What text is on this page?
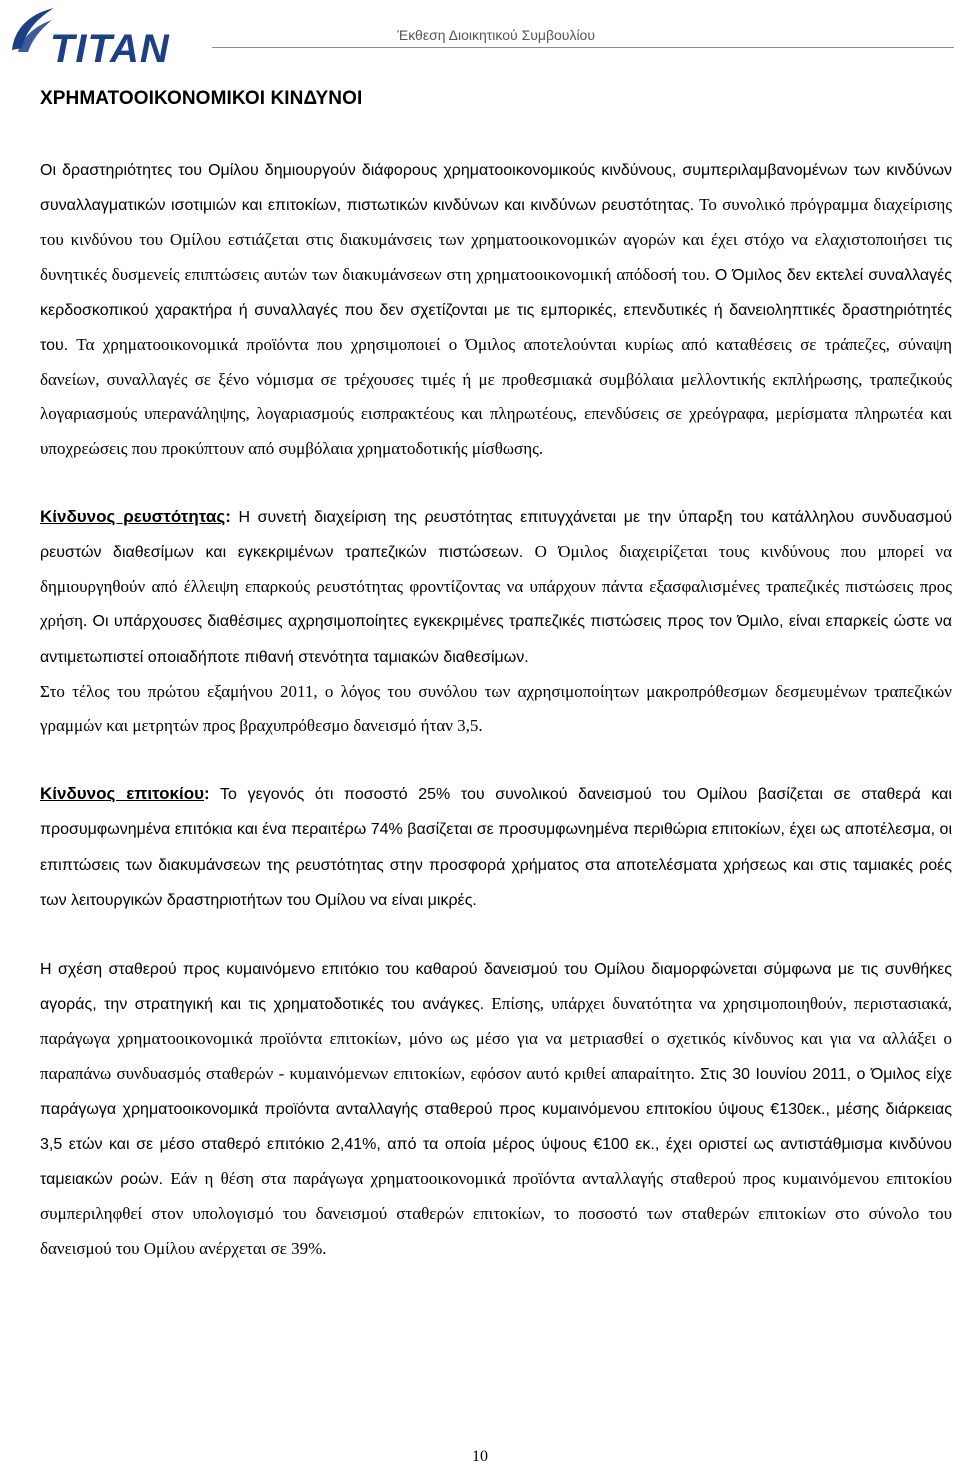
TITAN	Έκθεση Διοικητικού Συμβουλίου
ΧΡΗΜΑΤΟΟΙΚΟΝΟΜΙΚΟΙ ΚΙΝΔΥΝΟΙ

Οι δραστηριότητες του Ομίλου δημιουργούν διάφορους χρηματοοικονομικούς κινδύνους, συμπεριλαμβανομένων των κινδύνων συναλλαγματικών ισοτιμιών και επιτοκίων, πιστωτικών κινδύνων και κινδύνων ρευστότητας. Το συνολικό πρόγραμμα διαχείρισης του κινδύνου του Ομίλου εστιάζεται στις διακυμάνσεις των χρηματοοικονομικών αγορών και έχει στόχο να ελαχιστοποιήσει τις δυνητικές δυσμενείς επιπτώσεις αυτών των διακυμάνσεων στη χρηματοοικονομική απόδοσή του. Ο Όμιλος δεν εκτελεί συναλλαγές κερδοσκοπικού χαρακτήρα ή συναλλαγές που δεν σχετίζονται με τις εμπορικές, επενδυτικές ή δανειοληπτικές δραστηριότητές του. Τα χρηματοοικονομικά προϊόντα που χρησιμοποιεί ο Όμιλος αποτελούνται κυρίως από καταθέσεις σε τράπεζες, σύναψη δανείων, συναλλαγές σε ξένο νόμισμα σε τρέχουσες τιμές ή με προθεσμιακά συμβόλαια μελλοντικής εκπλήρωσης, τραπεζικούς λογαριασμούς υπερανάληψης, λογαριασμούς εισπρακτέους και πληρωτέους, επενδύσεις σε χρεόγραφα, μερίσματα πληρωτέα και υποχρεώσεις που προκύπτουν από συμβόλαια χρηματοδοτικής μίσθωσης.

Κίνδυνος ρευστότητας: Η συνετή διαχείριση της ρευστότητας επιτυγχάνεται με την ύπαρξη του κατάλληλου συνδυασμού ρευστών διαθεσίμων και εγκεκριμένων τραπεζικών πιστώσεων. Ο Όμιλος διαχειρίζεται τους κινδύνους που μπορεί να δημιουργηθούν από έλλειψη επαρκούς ρευστότητας φροντίζοντας να υπάρχουν πάντα εξασφαλισμένες τραπεζικές πιστώσεις προς χρήση. Οι υπάρχουσες διαθέσιμες αχρησιμοποίητες εγκεκριμένες τραπεζικές πιστώσεις προς τον Όμιλο, είναι επαρκείς ώστε να αντιμετωπιστεί οποιαδήποτε πιθανή στενότητα ταμιακών διαθεσίμων.

Στο τέλος του πρώτου εξαμήνου 2011, ο λόγος του συνόλου των αχρησιμοποίητων μακροπρόθεσμων δεσμευμένων τραπεζικών γραμμών και μετρητών προς βραχυπρόθεσμο δανεισμό ήταν 3,5.

Κίνδυνος επιτοκίου: Το γεγονός ότι ποσοστό 25% του συνολικού δανεισμού του Ομίλου βασίζεται σε σταθερά και προσυμφωνημένα επιτόκια και ένα περαιτέρω 74% βασίζεται σε προσυμφωνημένα περιθώρια επιτοκίων, έχει ως αποτέλεσμα, οι επιπτώσεις των διακυμάνσεων της ρευστότητας στην προσφορά χρήματος στα αποτελέσματα χρήσεως και στις ταμιακές ροές των λειτουργικών δραστηριοτήτων του Ομίλου να είναι μικρές.

Η σχέση σταθερού προς κυμαινόμενο επιτόκιο του καθαρού δανεισμού του Ομίλου διαμορφώνεται σύμφωνα με τις συνθήκες αγοράς, την στρατηγική και τις χρηματοδοτικές του ανάγκες. Επίσης, υπάρχει δυνατότητα να χρησιμοποιηθούν, περιστασιακά, παράγωγα χρηματοοικονομικά προϊόντα επιτοκίων, μόνο ως μέσο για να μετριασθεί ο σχετικός κίνδυνος και για να αλλάξει ο παραπάνω συνδυασμός σταθερών - κυμαινόμενων επιτοκίων, εφόσον αυτό κριθεί απαραίτητο. Στις 30 Ιουνίου 2011, ο Όμιλος είχε παράγωγα χρηματοοικονομικά προϊόντα ανταλλαγής σταθερού προς κυμαινόμενου επιτοκίου ύψους €130εκ., μέσης διάρκειας 3,5 ετών και σε μέσο σταθερό επιτόκιο 2,41%, από τα οποία μέρος ύψους €100 εκ., έχει οριστεί ως αντιστάθμισμα κινδύνου ταμειακών ροών. Εάν η θέση στα παράγωγα χρηματοοικονομικά προϊόντα ανταλλαγής σταθερού προς κυμαινόμενου επιτοκίου συμπεριληφθεί στον υπολογισμό του δανεισμού σταθερών επιτοκίων, το ποσοστό των σταθερών επιτοκίων στο σύνολο του δανεισμού του Ομίλου ανέρχεται σε 39%.

10
